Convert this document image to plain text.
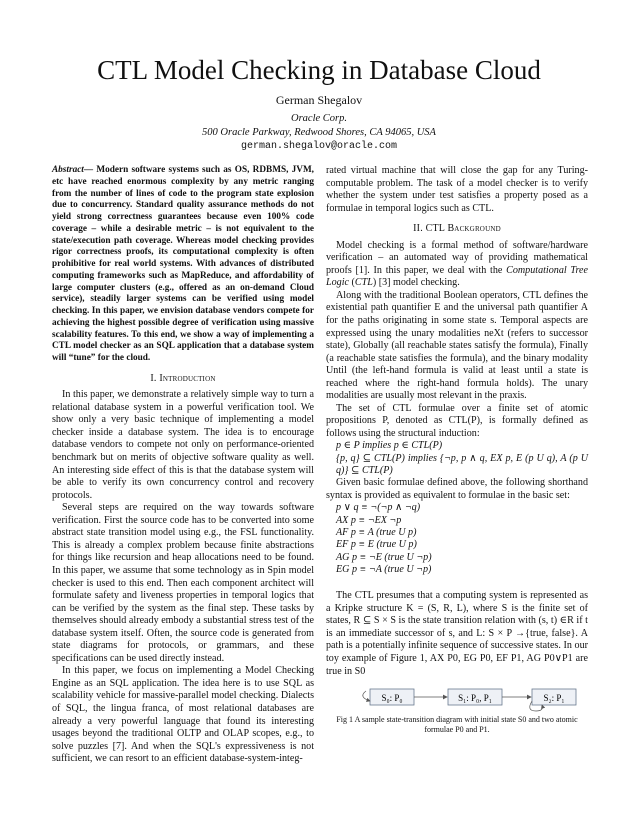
CTL Model Checking in Database Cloud
German Shegalov
Oracle Corp.
500 Oracle Parkway, Redwood Shores, CA 94065, USA
german.shegalov@oracle.com

Abstract— Modern software systems such as OS, RDBMS, JVM, etc have reached enormous complexity by any metric ranging from the number of lines of code to the program state explosion due to concurrency. Standard quality assurance methods do not yield strong correctness guarantees because even 100% code coverage – while a desirable metric – is not equivalent to the state/execution path coverage. Whereas model checking provides rigor correctness proofs, its computational complexity is often prohibitive for real world systems. With advances of distributed computing frameworks such as MapReduce, and affordability of large computer clusters (e.g., offered as an on-demand Cloud service), steadily larger systems can be verified using model checking. In this paper, we envision database vendors compete for achieving the highest possible degree of verification using massive scalability features. To this end, we show a way of implementing a CTL model checker as an SQL application that a database system will “tune” for the cloud.

I. Introduction

In this paper, we demonstrate a relatively simple way to turn a relational database system in a powerful verification tool. We show only a very basic technique of implementing a model checker inside a database system. The idea is to encourage database vendors to compete not only on performance-oriented benchmark but on merits of objective software quality as well. An interesting side effect of this is that the database system will be able to verify its own concurrency control and recovery protocols.

Several steps are required on the way towards software verification. First the source code has to be converted into some abstract state transition model using e.g., the FSL functionality. This is already a complex problem because finite abstractions for things like recursion and heap allocations need to be found. In this paper, we assume that some technology as in Spin model checker is used to this end. Then each component architect will formulate safety and liveness properties in temporal logics that can be verified by the system as the final step. These tasks by themselves should already embody a substantial stress test of the database system itself. Often, the source code is generated from state diagrams for protocols, or grammars, and these specifications can be used directly instead.

In this paper, we focus on implementing a Model Checking Engine as an SQL application. The idea here is to use SQL as scalability vehicle for massive-parallel model checking. Dialects of SQL, the lingua franca, of most relational databases are already a very powerful language that found its interesting usages beyond the traditional OLTP and OLAP scopes, e.g., to solve puzzles [7]. And when the SQL's expressiveness is not sufficient, we can resort to an efficient database-system-integ-

rated virtual machine that will close the gap for any Turing-computable problem. The task of a model checker is to verify whether the system under test satisfies a property posed as a formulae in temporal logics such as CTL.

II. CTL Background

Model checking is a formal method of software/hardware verification – an automated way of providing mathematical proofs [1]. In this paper, we deal with the Computational Tree Logic (CTL) [3] model checking.

Along with the traditional Boolean operators, CTL defines the existential path quantifier E and the universal path quantifier A for the paths originating in some state s. Temporal aspects are expressed using the unary modalities neXt (refers to successor state), Globally (all reachable states satisfy the formula), Finally (a reachable state satisfies the formula), and the binary modality Until (the left-hand formula is valid at least until a state is reached where the right-hand formula holds). The unary modalities are usually most relevant in the praxis.

The set of CTL formulae over a finite set of atomic propositions P, denoted as CTL(P), is formally defined as follows using the structural induction:

p ∈ P implies p ∈ CTL(P)

{p, q} ⊆ CTL(P) implies {¬p, p ∧ q, EX p, E (p U q), A (p U q)} ⊆ CTL(P)

Given basic formulae defined above, the following shorthand syntax is provided as equivalent to formulae in the basic set:

p ∨ q ≡ ¬(¬p ∧ ¬q)

AX p ≡ ¬EX ¬p

AF p ≡ A (true U p)

EF p ≡ E (true U p)

AG p ≡ ¬E (true U ¬p)

EG p ≡ ¬A (true U ¬p)

The CTL presumes that a computing system is represented as a Kripke structure K = (S, R, L), where S is the finite set of states, R ⊆ S × S is the state transition relation with (s, t) ∈R if t is an immediate successor of s, and L: S × P →{true, false}. A path is a potentially infinite sequence of successive states. In our toy example of Figure 1, AX P0, EG P0, EF P1, AG P0∨P1 are true in S0

S₀: P₀	S₁: P₀, P₁	S₂: P₁

Fig 1 A sample state-transition diagram with initial state S0 and two atomic formulae P0 and P1.
